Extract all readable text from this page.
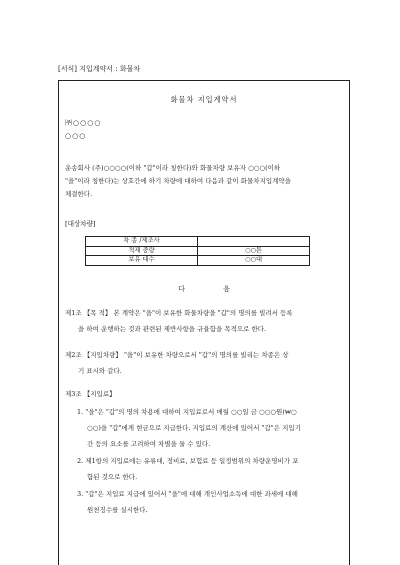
[서식] 지입계약서 : 화물차
화물차 지입계약서
㈜○○○○
○○○

운송회사 (주)○○○○(이하 "갑"이라 칭한다)와 화물차량 보유자 ○○○(이하

"을"이라 칭한다)는 상호간에 하기 차량에 대하여 다음과 같이 화물차지입계약을

체결한다.

[대상차량]
차 종 /제조사	
적재 중량	○○톤
보유 대수	○○대
다 음
제1조 【목 적】 본 계약은 "을"이 보유한 화물차량을 "갑"의 명의를 빌려서 등록
을 하여 운행하는 것과 관련된 제반사항을 규율함을 목적으로 한다.
제2조 【지입차량】 "을"이 보유한 차량으로서 "갑"의 명의를 빌리는 차종은 상
기 표시와 같다.
제3조 【지입료】
1. "을"은 "갑"의 명의 차용에 대하여 지입료로서 매월 ○○일 금 ○○○원(₩○
○○)을 "갑"에게 현금으로 지급한다. 지입료의 계산에 있어서 "갑"은 지입기
간 등의 요소를 고려하여 차별을 둘 수 있다.
2. 제1항의 지입료에는 유류대, 정비료, 보험료 등 일정범위의 차량운영비가 포
함된 것으로 한다.
3. "갑"은 지입료 지급에 있어서 "을"에 대해 개인사업소득에 대한 과세에 대해
원천징수를 실시한다.
